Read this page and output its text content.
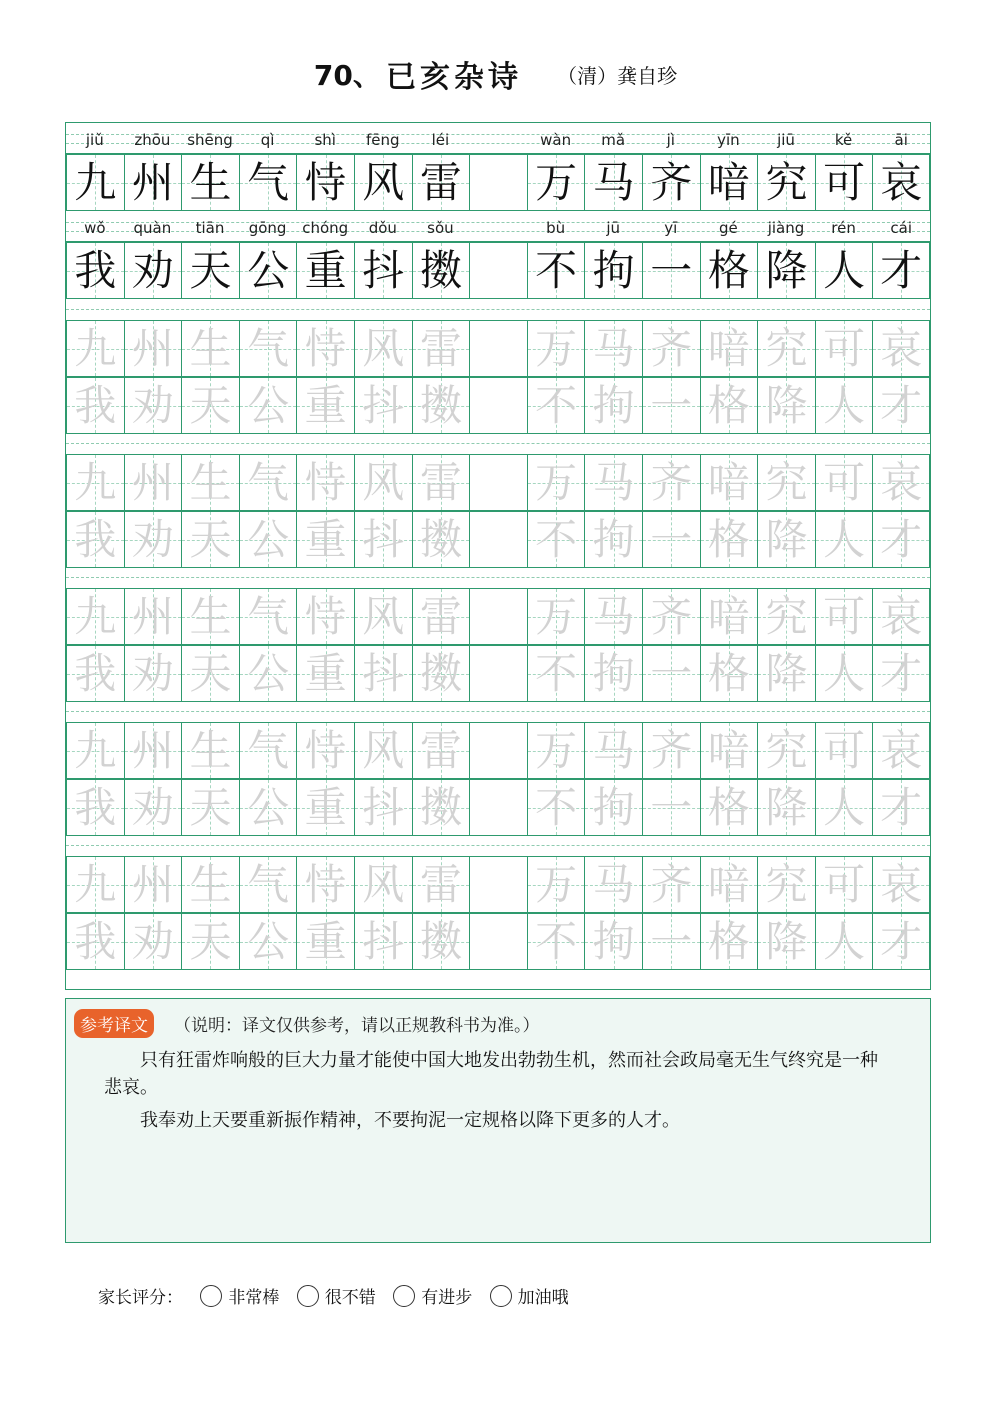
70、 已亥杂诗 （清）龚自珍
jiǔ	zhōu	shēng	qì	shì	fēng	léi	wàn	mǎ	jì	yīn	jiū	kě	āi
九 州 生 气 恃 风 雷 万 马 齐 喑 究 可 哀
wǒ	quàn	tiān	gōng	chóng	dǒu	sǒu	bù	jū	yī	gé	jiàng	rén	cái
我 劝 天 公 重 抖 擞 不 拘 一 格 降 人 才
九 州 生 气 恃 风 雷 万 马 齐 喑 究 可 哀
我 劝 天 公 重 抖 擞 不 拘 一 格 降 人 才
九 州 生 气 恃 风 雷 万 马 齐 喑 究 可 哀
我 劝 天 公 重 抖 擞 不 拘 一 格 降 人 才
九 州 生 气 恃 风 雷 万 马 齐 喑 究 可 哀
我 劝 天 公 重 抖 擞 不 拘 一 格 降 人 才
九 州 生 气 恃 风 雷 万 马 齐 喑 究 可 哀
我 劝 天 公 重 抖 擞 不 拘 一 格 降 人 才
九 州 生 气 恃 风 雷 万 马 齐 喑 究 可 哀
我 劝 天 公 重 抖 擞 不 拘 一 格 降 人 才
参考译文	（说明：译文仅供参考，请以正规教科书为准。）
只有狂雷炸响般的巨大力量才能使中国大地发出勃勃生机，然而社会政局毫无生气终究是一种悲哀。
我奉劝上天要重新振作精神，不要拘泥一定规格以降下更多的人才。
家长评分：	非常棒	很不错	有进步	加油哦
